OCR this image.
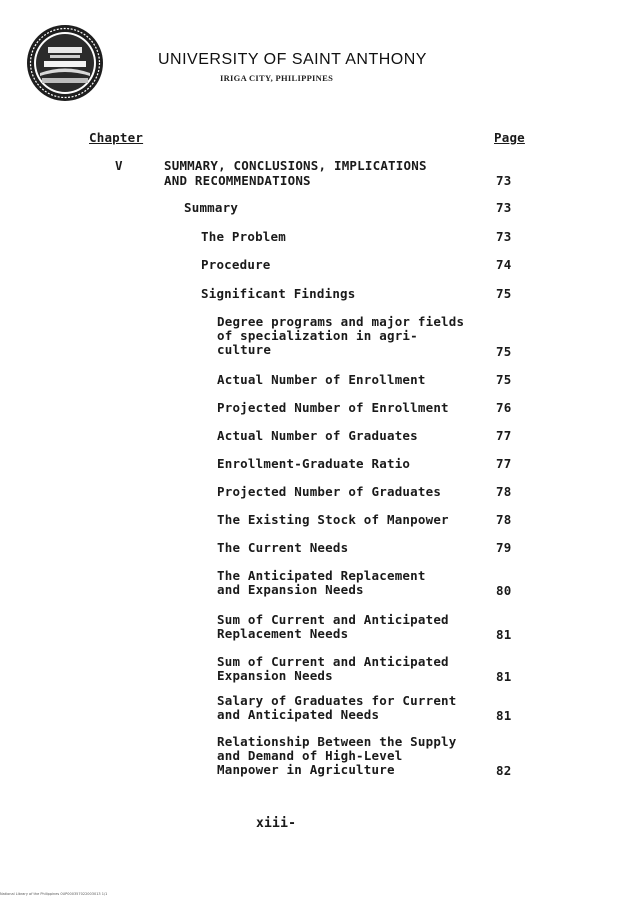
UNIVERSITY OF SAINT ANTHONY
IRIGA CITY, PHILIPPINES
Chapter	Page
V	SUMMARY, CONCLUSIONS, IMPLICATIONS
AND RECOMMENDATIONS	73
Summary	73
The Problem	73
Procedure	74
Significant Findings	75
Degree programs and major fields
of specialization in agri-
culture	75
Actual Number of Enrollment	75
Projected Number of Enrollment	76
Actual Number of Graduates	77
Enrollment-Graduate Ratio	77
Projected Number of Graduates	78
The Existing Stock of Manpower	78
The Current Needs	79
The Anticipated Replacement
and Expansion Needs	80
Sum of Current and Anticipated
Replacement Needs	81
Sum of Current and Anticipated
Expansion Needs	81
Salary of Graduates for Current
and Anticipated Needs	81
Relationship Between the Supply
and Demand of High-Level
Manpower in Agriculture	82
xiii-
National Library of the Philippines 0UP000357022003013 1/1
